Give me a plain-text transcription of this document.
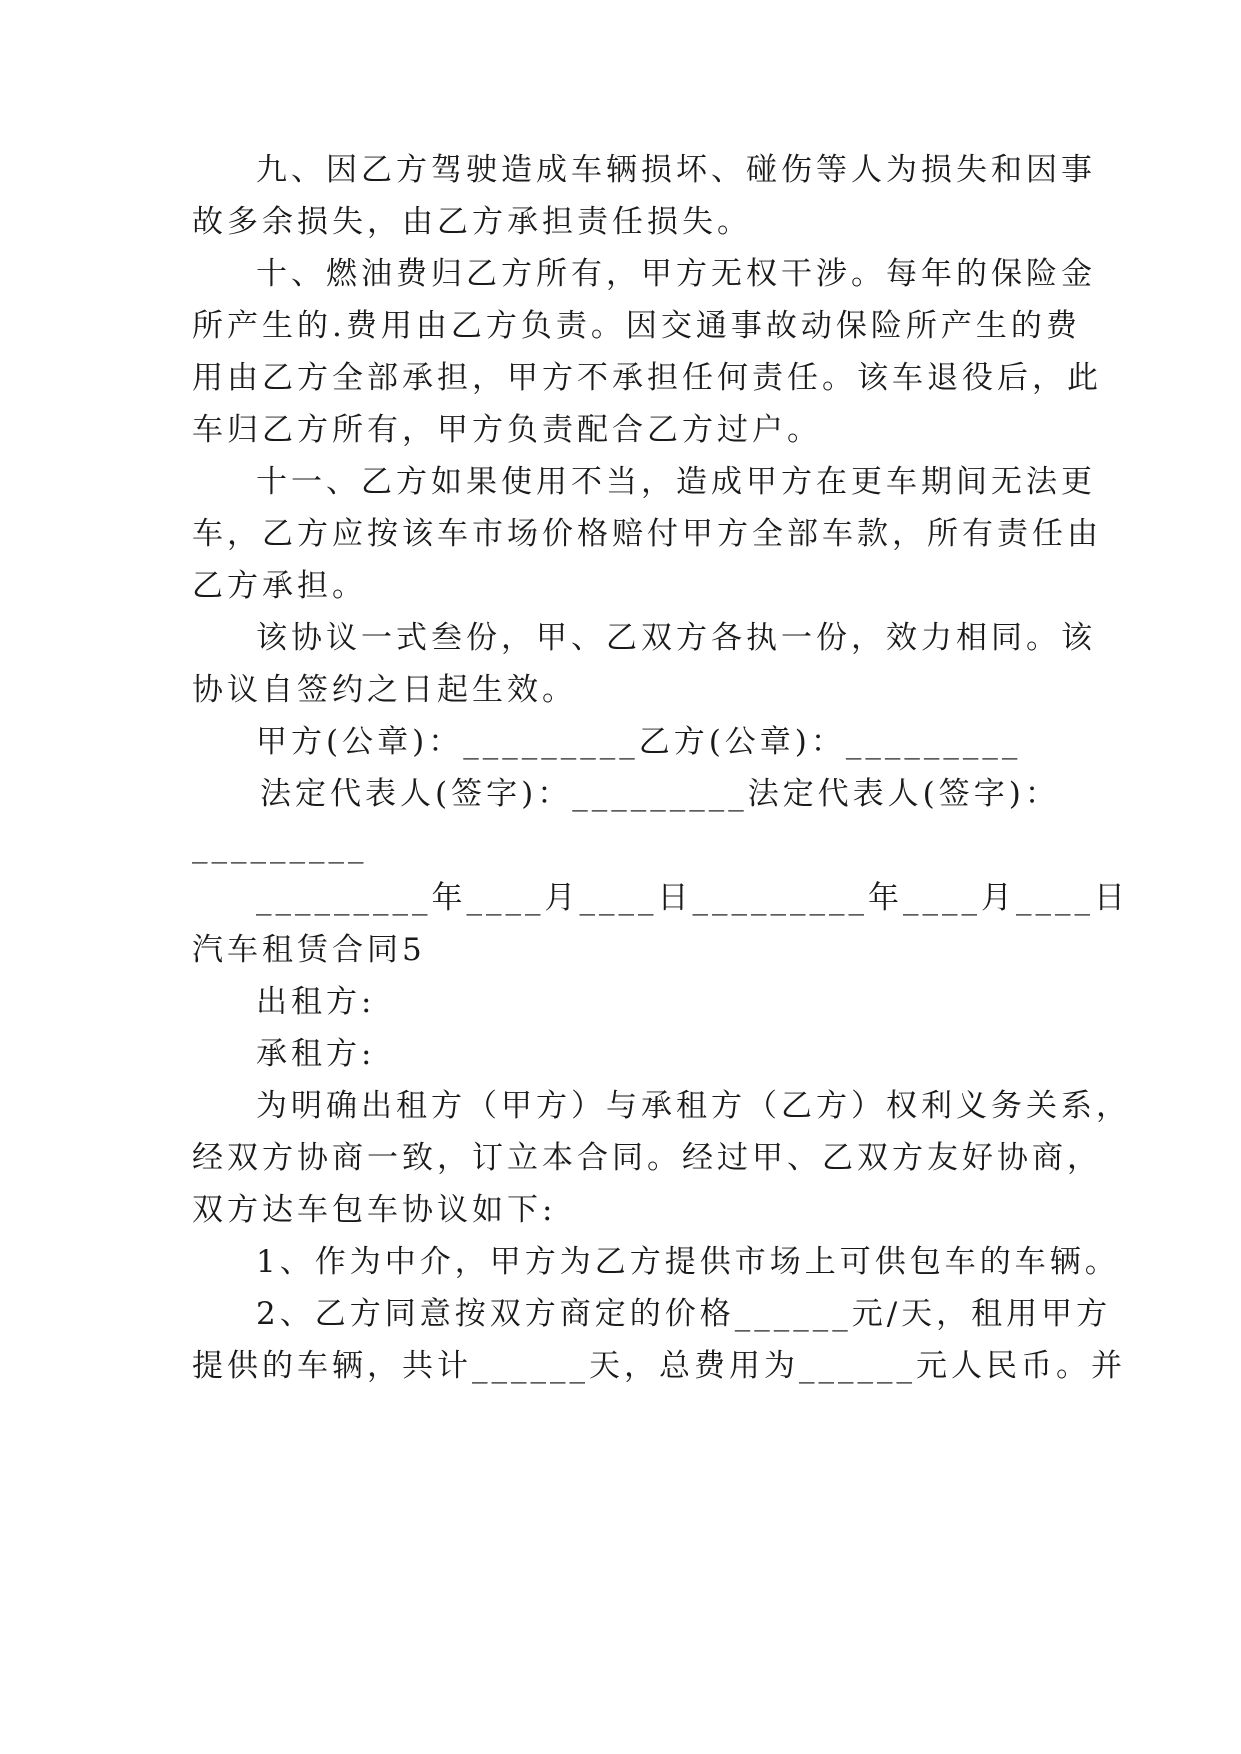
九、因乙方驾驶造成车辆损坏、碰伤等人为损失和因事
故多余损失，由乙方承担责任损失。
十、燃油费归乙方所有，甲方无权干涉。每年的保险金
所产生的.费用由乙方负责。因交通事故动保险所产生的费
用由乙方全部承担，甲方不承担任何责任。该车退役后，此
车归乙方所有，甲方负责配合乙方过户。
十一、乙方如果使用不当，造成甲方在更车期间无法更
车，乙方应按该车市场价格赔付甲方全部车款，所有责任由
乙方承担。
该协议一式叁份，甲、乙双方各执一份，效力相同。该
协议自签约之日起生效。
甲方(公章)：_________乙方(公章)：_________
法定代表人(签字)：_________法定代表人(签字)：
_________
_________年____月____日_________年____月____日
汽车租赁合同5
出租方:
承租方:
为明确出租方（甲方）与承租方（乙方）权利义务关系，
经双方协商一致，订立本合同。经过甲、乙双方友好协商，
双方达车包车协议如下:
1、作为中介，甲方为乙方提供市场上可供包车的车辆。
2、乙方同意按双方商定的价格______元/天，租用甲方
提供的车辆，共计______天，总费用为______元人民币。并
